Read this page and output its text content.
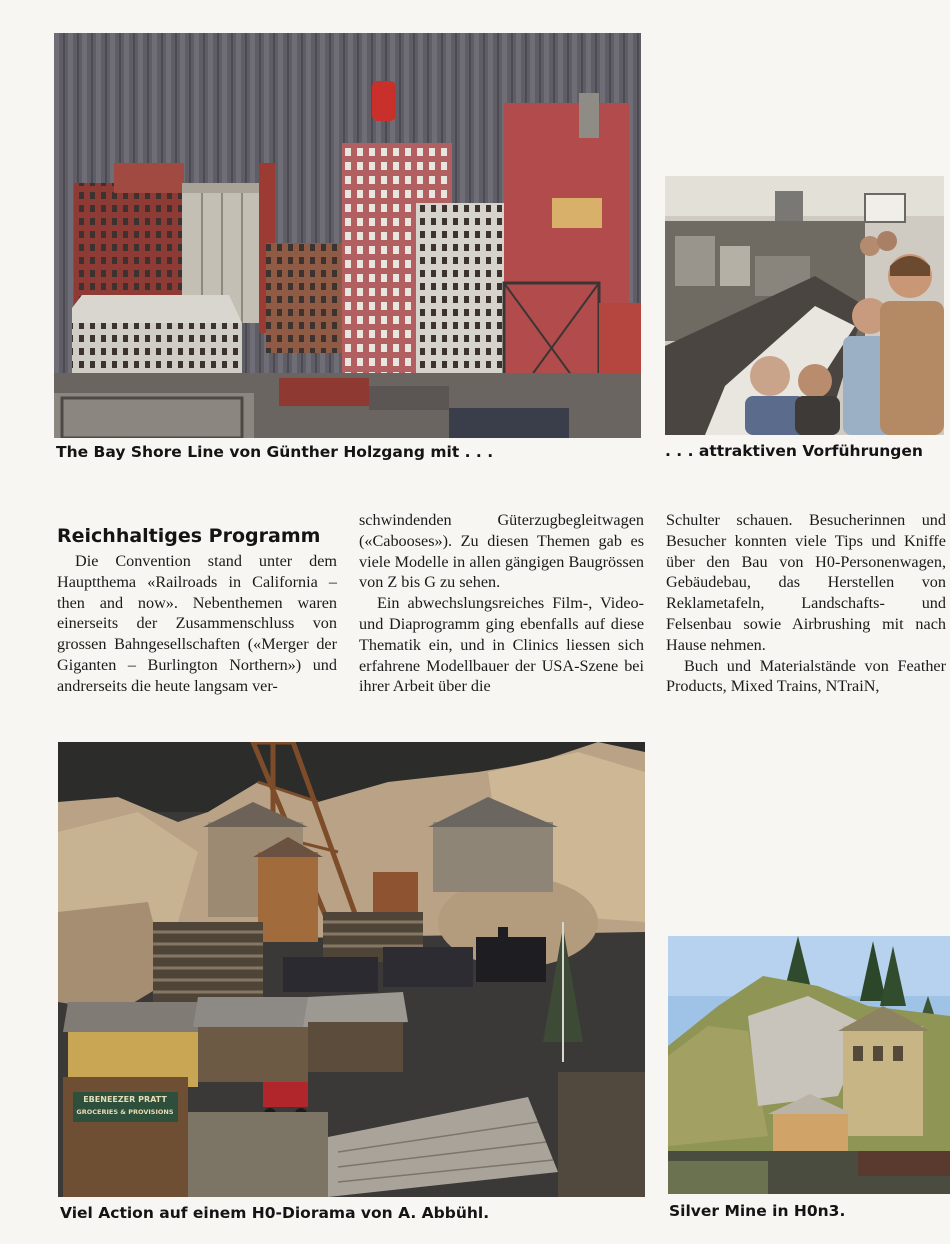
The Bay Shore Line von Günther Holzgang mit . . .	. . . attraktiven Vorführungen
Reichhaltiges Programm

Die Convention stand unter dem Hauptthema «Railroads in California – then and now». Nebenthemen waren einerseits der Zusammenschluss von grossen Bahngesellschaften («Merger der Giganten – Burlington Northern») und andrerseits die heute langsam ver-

schwindenden Güterzugbegleitwagen («Cabooses»). Zu diesen Themen gab es viele Modelle in allen gängigen Baugrössen von Z bis G zu sehen.

Ein abwechslungsreiches Film-, Video- und Diaprogramm ging ebenfalls auf diese Thematik ein, und in Clinics liessen sich erfahrene Modellbauer der USA-Szene bei ihrer Arbeit über die

Schulter schauen. Besucherinnen und Besucher konnten viele Tips und Kniffe über den Bau von H0-Personenwagen, Gebäudebau, das Herstellen von Reklametafeln, Landschafts- und Felsenbau sowie Airbrushing mit nach Hause nehmen.

Buch und Materialstände von Feather Products, Mixed Trains, NTraiN,

EBENEEZER PRATT
GROCERIES & PROVISIONS
Viel Action auf einem H0-Diorama von A. Abbühl.	Silver Mine in H0n3.
